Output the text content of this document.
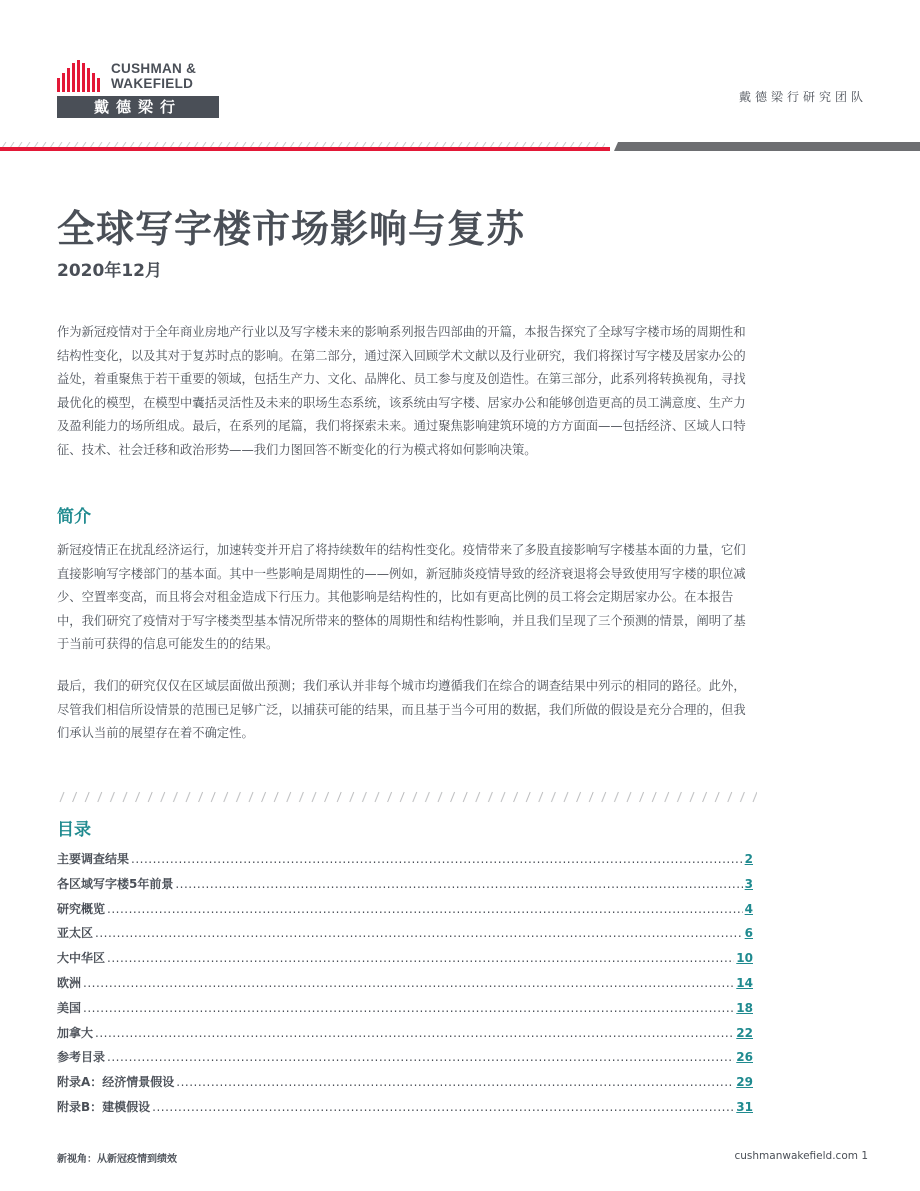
CUSHMAN &
WAKEFIELD
戴德梁行
戴德梁行研究团队
全球写字楼市场影响与复苏
2020年12月

作为新冠疫情对于全年商业房地产行业以及写字楼未来的影响系列报告四部曲的开篇，本报告探究了全球写字楼市场的周期性和结构性变化，以及其对于复苏时点的影响。在第二部分，通过深入回顾学术文献以及行业研究，我们将探讨写字楼及居家办公的益处，着重聚焦于若干重要的领域，包括生产力、文化、品牌化、员工参与度及创造性。在第三部分，此系列将转换视角，寻找最优化的模型，在模型中囊括灵活性及未来的职场生态系统，该系统由写字楼、居家办公和能够创造更高的员工满意度、生产力及盈利能力的场所组成。最后，在系列的尾篇，我们将探索未来。通过聚焦影响建筑环境的方方面面——包括经济、区域人口特征、技术、社会迁移和政治形势——我们力图回答不断变化的行为模式将如何影响决策。

简介

新冠疫情正在扰乱经济运行，加速转变并开启了将持续数年的结构性变化。疫情带来了多股直接影响写字楼基本面的力量，它们直接影响写字楼部门的基本面。其中一些影响是周期性的——例如，新冠肺炎疫情导致的经济衰退将会导致使用写字楼的职位减少、空置率变高，而且将会对租金造成下行压力。其他影响是结构性的，比如有更高比例的员工将会定期居家办公。在本报告中，我们研究了疫情对于写字楼类型基本情况所带来的整体的周期性和结构性影响，并且我们呈现了三个预测的情景，阐明了基于当前可获得的信息可能发生的的结果。

最后，我们的研究仅仅在区域层面做出预测；我们承认并非每个城市均遵循我们在综合的调查结果中列示的相同的路径。此外，尽管我们相信所设情景的范围已足够广泛，以捕获可能的结果，而且基于当今可用的数据，我们所做的假设是充分合理的，但我们承认当前的展望存在着不确定性。

目录
主要调查结果 .....	2
各区域写字楼5年前景 .....	3
研究概览 .....	4
亚太区 .....	6
大中华区 .....	10
欧洲 .....	14
美国 .....	18
加拿大 .....	22
参考目录 .....	26
附录A：经济情景假设 .....	29
附录B：建模假设 .....	31
新视角：从新冠疫情到绩效	cushmanwakefield.com 1
